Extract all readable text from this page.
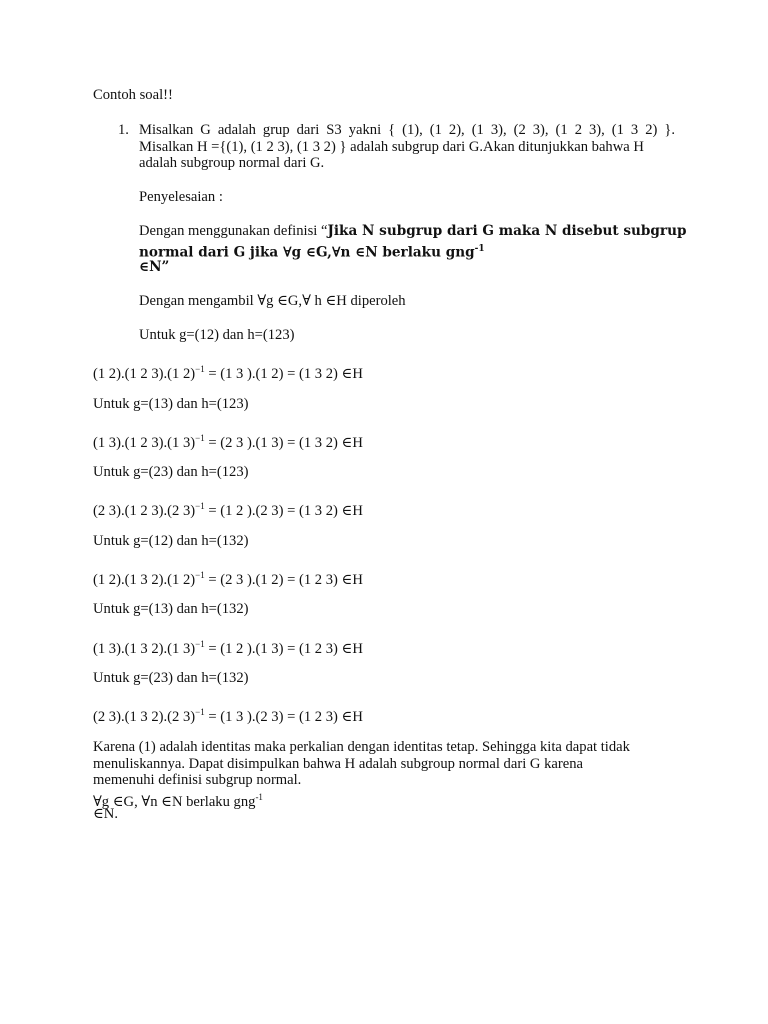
Contoh soal!!

1. Misalkan G adalah grup dari S3 yakni { (1), (1 2), (1 3), (2 3), (1 2 3), (1 3 2) }.

Misalkan H ={(1), (1 2 3), (1 3 2) } adalah subgrup dari G.Akan ditunjukkan bahwa H

adalah subgroup normal dari G.

Penyelesaian :

Dengan menggunakan definisi “Jika N subgrup dari G maka N disebut subgrup

normal dari G jika ∀g ∈G,∀n ∈N berlaku gng$^{-1}$

∈N”

Dengan mengambil ∀g ∈G,∀ h ∈H diperoleh

Untuk g=(12) dan h=(123)

(1 2).(1 2 3).(1 2)$^{-1}$ = (1 3 ).(1 2) = (1 3 2) ∈H

Untuk g=(13) dan h=(123)

(1 3).(1 2 3).(1 3)$^{-1}$ = (2 3 ).(1 3) = (1 3 2) ∈H

Untuk g=(23) dan h=(123)

(2 3).(1 2 3).(2 3)$^{-1}$ = (1 2 ).(2 3) = (1 3 2) ∈H

Untuk g=(12) dan h=(132)

(1 2).(1 3 2).(1 2)$^{-1}$ = (2 3 ).(1 2) = (1 2 3) ∈H

Untuk g=(13) dan h=(132)

(1 3).(1 3 2).(1 3)$^{-1}$ = (1 2 ).(1 3) = (1 2 3) ∈H

Untuk g=(23) dan h=(132)

(2 3).(1 3 2).(2 3)$^{-1}$ = (1 3 ).(2 3) = (1 2 3) ∈H

Karena (1) adalah identitas maka perkalian dengan identitas tetap. Sehingga kita dapat tidak

menuliskannya. Dapat disimpulkan bahwa H adalah subgroup normal dari G karena

memenuhi definisi subgrup normal.

∀g ∈G, ∀n ∈N berlaku gng$^{-1}$

∈N.
